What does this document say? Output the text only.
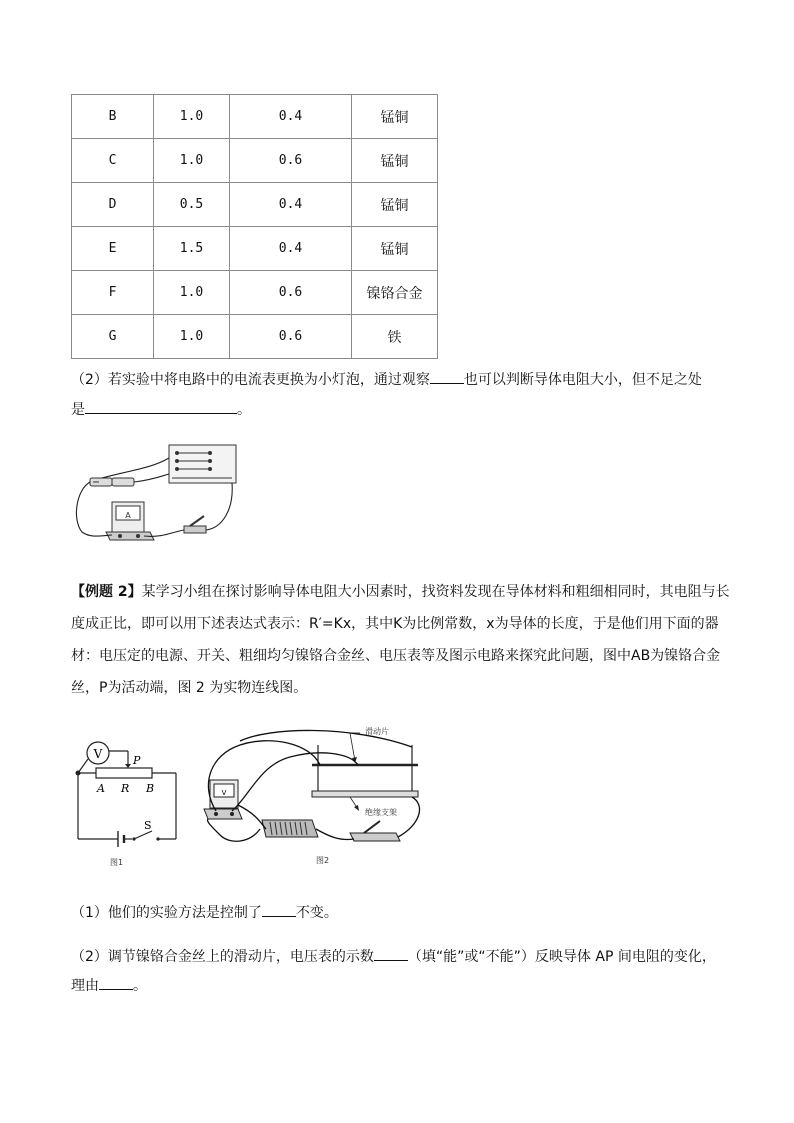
B	1.0	0.4	锰铜
C	1.0	0.6	锰铜
D	0.5	0.4	锰铜
E	1.5	0.4	锰铜
F	1.0	0.6	镍铬合金
G	1.0	0.6	铁
（2）若实验中将电路中的电流表更换为小灯泡，通过观察 也可以判断导体电阻大小，但不足之处
是	。
A
【例题 2】某学习小组在探讨影响导体电阻大小因素时，找资料发现在导体材料和粗细相同时，其电阻与长
度成正比，即可以用下述表达式表示：R′=Kx，其中K为比例常数，x为导体的长度，于是他们用下面的器
材：电压定的电源、开关、粗细均匀镍铬合金丝、电压表等及图示电路来探究此问题，图中AB为镍铬合金
丝，P为活动端，图 2 为实物连线图。
V	P
A R B
S
图1
滑动片
绝缘支架
图2
V
（1）他们的实验方法是控制了 不变。
（2）调节镍铬合金丝上的滑动片，电压表的示数 （填“能”或“不能”）反映导体 AP 间电阻的变化，
理由 。
